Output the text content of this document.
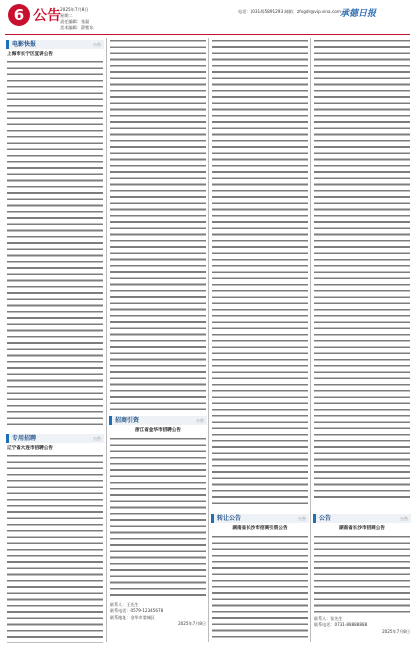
6 公告 2025年7月8日
星期二
责任编辑：张磊
美术编辑：薛紫东
电话：(0314)5891293 邮箱：zfvgdr@vip.sina.com 承德日报
电影快报	公告
上海市长宁区宣讲公告
专用招聘	公告
辽宁省大连市招聘公告
招商引资	公告
浙江省金华市招聘公告
联系人：王先生
联系电话：0579-12345678
联系地址：金华市婺城区
2025年7月8日
转让公告	公告
湖南省长沙市招商引资公告
公告	公告
湖南省长沙市招商公告
联系人：张先生
联系电话：0731-88888888
2025年7月8日
